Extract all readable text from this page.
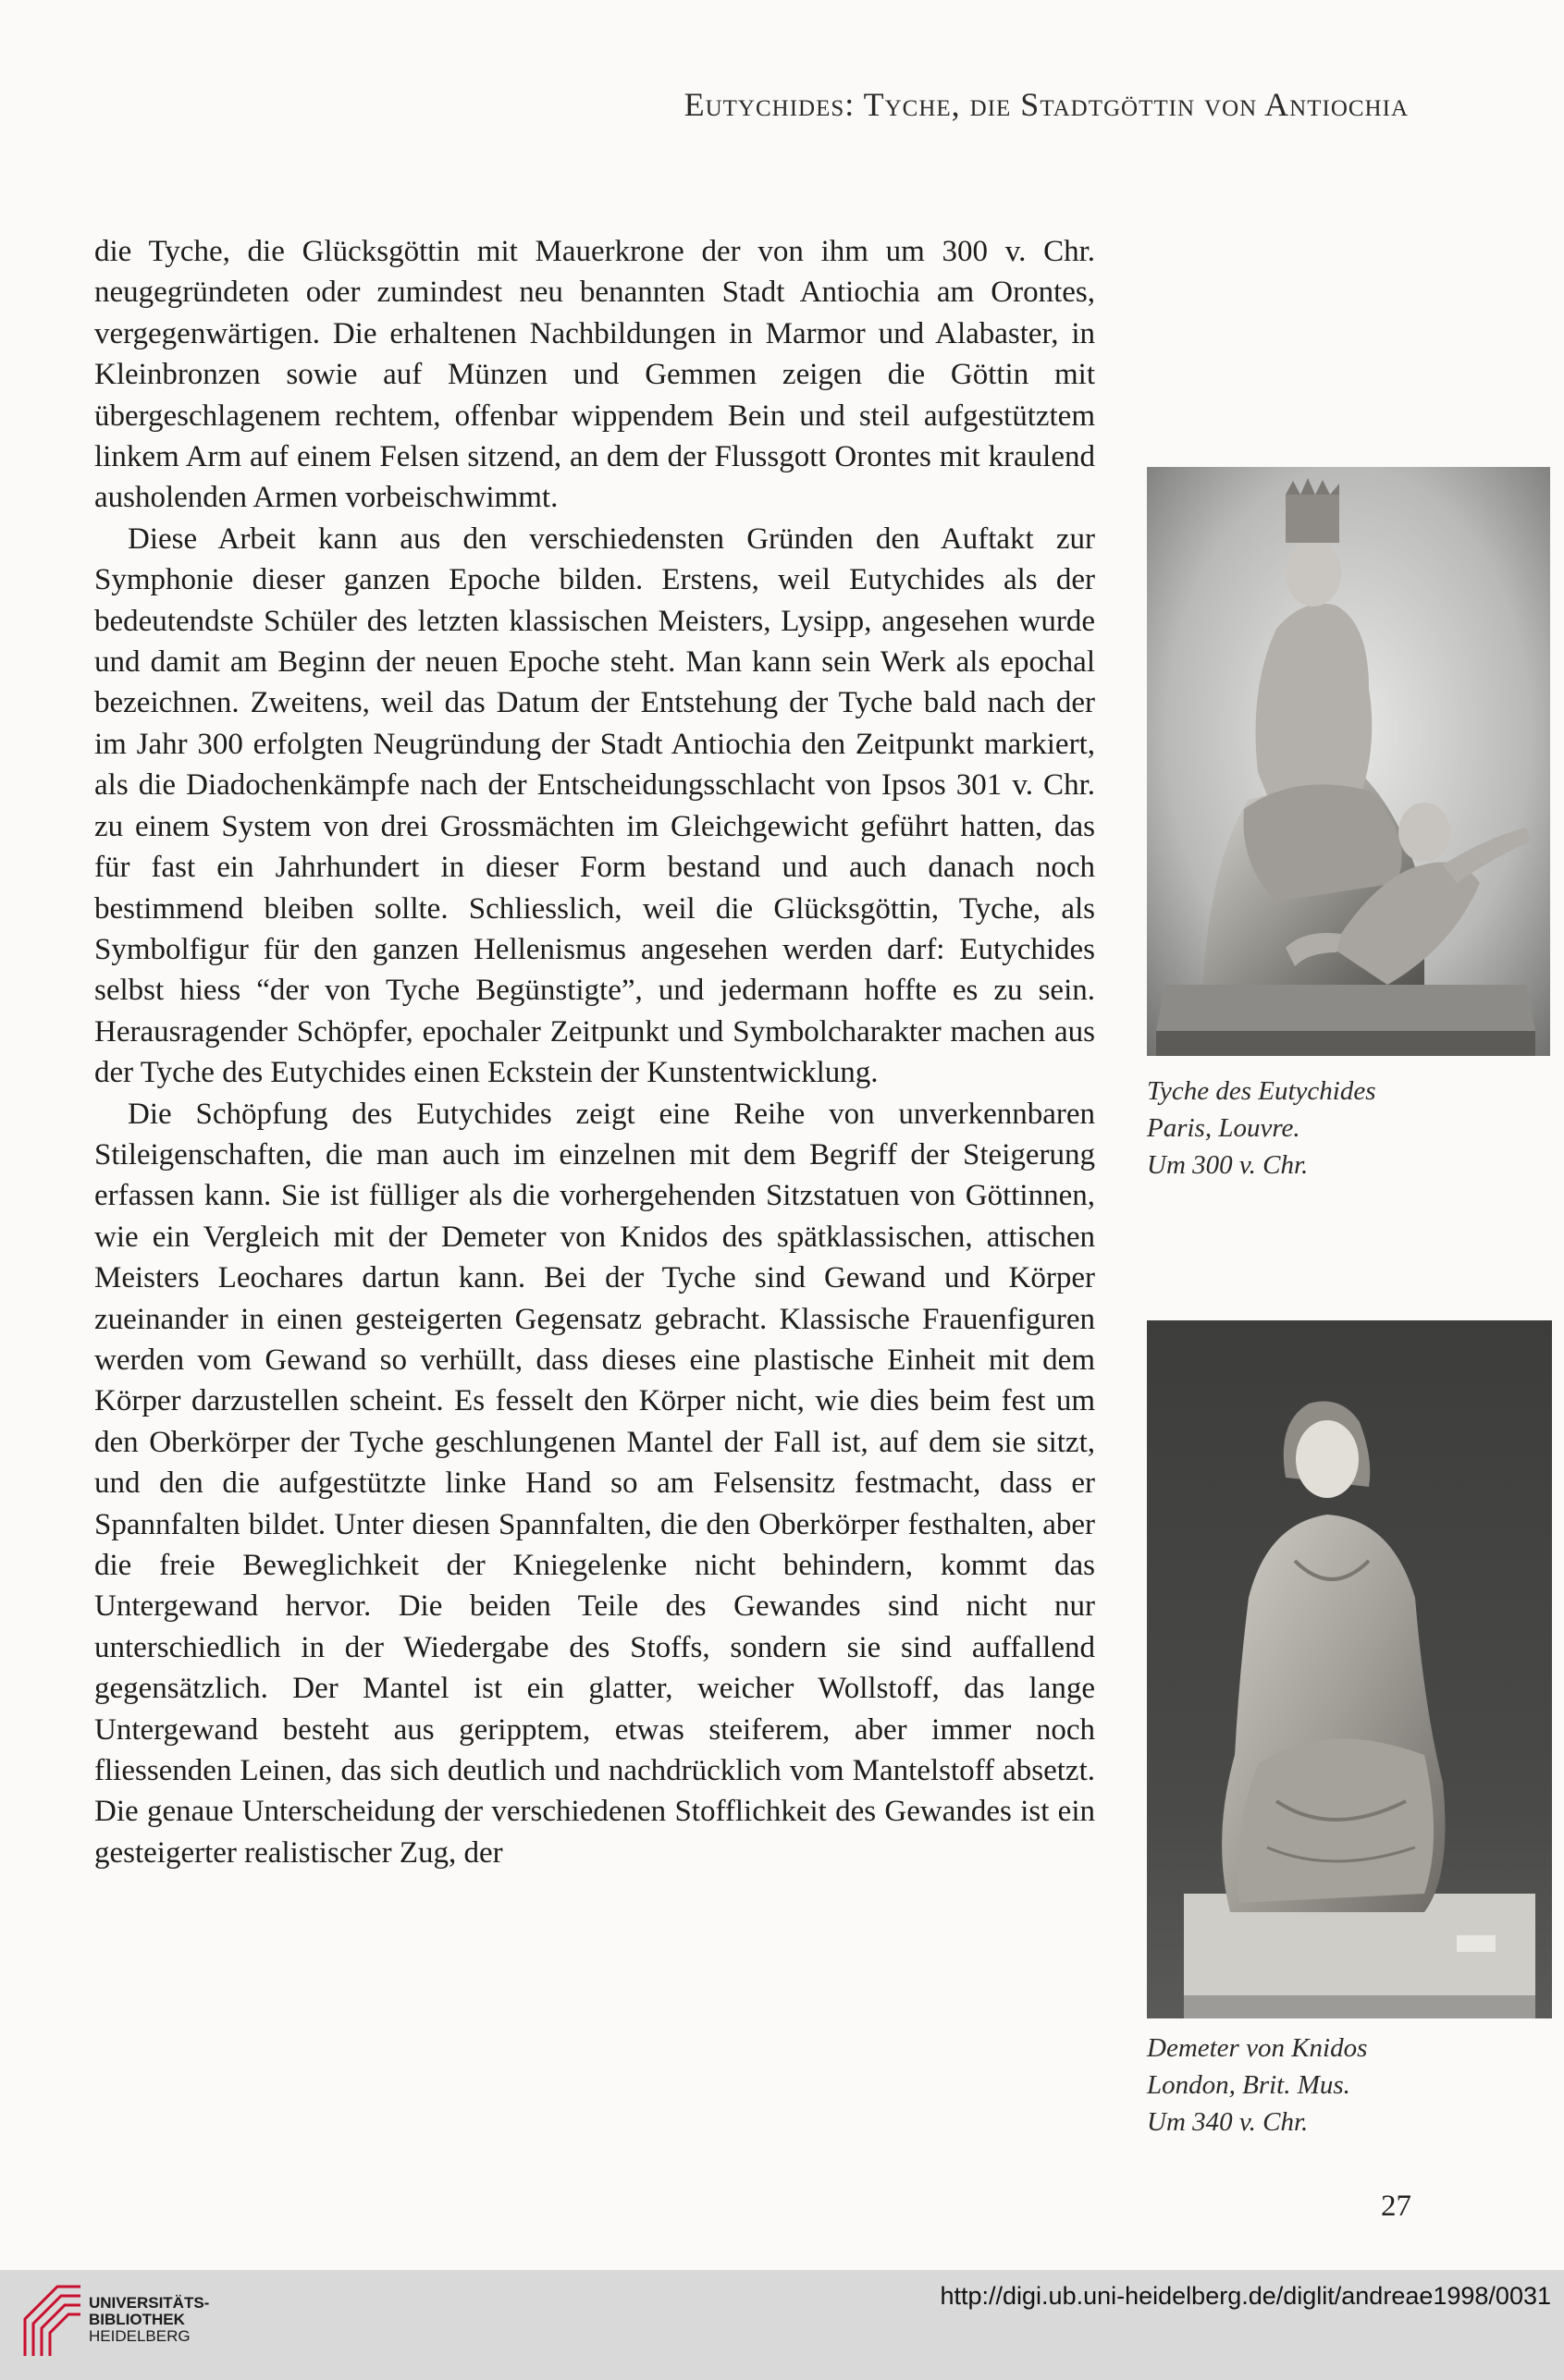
Eutychides: Tyche, die Stadtgöttin von Antiochia

die Tyche, die Glücksgöttin mit Mauerkrone der von ihm um 300 v. Chr. neugegründeten oder zumindest neu benannten Stadt Antiochia am Orontes, vergegenwärtigen. Die erhaltenen Nachbildungen in Marmor und Alabaster, in Kleinbronzen sowie auf Münzen und Gemmen zeigen die Göttin mit übergeschlagenem rechtem, offenbar wippendem Bein und steil aufgestütztem linkem Arm auf einem Felsen sitzend, an dem der Flussgott Orontes mit kraulend ausholenden Armen vorbeischwimmt.

Diese Arbeit kann aus den verschiedensten Gründen den Auftakt zur Symphonie dieser ganzen Epoche bilden. Erstens, weil Eutychides als der bedeutendste Schüler des letzten klassischen Meisters, Lysipp, angesehen wurde und damit am Beginn der neuen Epoche steht. Man kann sein Werk als epochal bezeichnen. Zweitens, weil das Datum der Entstehung der Tyche bald nach der im Jahr 300 erfolgten Neugründung der Stadt Antiochia den Zeitpunkt markiert, als die Diadochenkämpfe nach der Entscheidungsschlacht von Ipsos 301 v. Chr. zu einem System von drei Grossmächten im Gleichgewicht geführt hatten, das für fast ein Jahrhundert in dieser Form bestand und auch danach noch bestimmend bleiben sollte. Schliesslich, weil die Glücksgöttin, Tyche, als Symbolfigur für den ganzen Hellenismus angesehen werden darf: Eutychides selbst hiess “der von Tyche Begünstigte”, und jedermann hoffte es zu sein. Herausragender Schöpfer, epochaler Zeitpunkt und Symbolcharakter machen aus der Tyche des Eutychides einen Eckstein der Kunstentwicklung.

Die Schöpfung des Eutychides zeigt eine Reihe von unverkennbaren Stileigenschaften, die man auch im einzelnen mit dem Begriff der Steigerung erfassen kann. Sie ist fülliger als die vorhergehenden Sitzstatuen von Göttinnen, wie ein Vergleich mit der Demeter von Knidos des spätklassischen, attischen Meisters Leochares dartun kann. Bei der Tyche sind Gewand und Körper zueinander in einen gesteigerten Gegensatz gebracht. Klassische Frauenfiguren werden vom Gewand so verhüllt, dass dieses eine plastische Einheit mit dem Körper darzustellen scheint. Es fesselt den Körper nicht, wie dies beim fest um den Oberkörper der Tyche geschlungenen Mantel der Fall ist, auf dem sie sitzt, und den die aufgestützte linke Hand so am Felsensitz festmacht, dass er Spannfalten bildet. Unter diesen Spannfalten, die den Oberkörper festhalten, aber die freie Beweglichkeit der Kniegelenke nicht behindern, kommt das Untergewand hervor. Die beiden Teile des Gewandes sind nicht nur unterschiedlich in der Wiedergabe des Stoffs, sondern sie sind auffallend gegensätzlich. Der Mantel ist ein glatter, weicher Wollstoff, das lange Untergewand besteht aus geripptem, etwas steiferem, aber immer noch fliessenden Leinen, das sich deutlich und nachdrücklich vom Mantelstoff absetzt. Die genaue Unterscheidung der verschiedenen Stofflichkeit des Gewandes ist ein gesteigerter realistischer Zug, der

Tyche des Eutychides
Paris, Louvre.
Um 300 v. Chr.
Demeter von Knidos
London, Brit. Mus.
Um 340 v. Chr.
27
UNIVERSITÄTS-
BIBLIOTHEK
HEIDELBERG
http://digi.ub.uni-heidelberg.de/diglit/andreae1998/0031
